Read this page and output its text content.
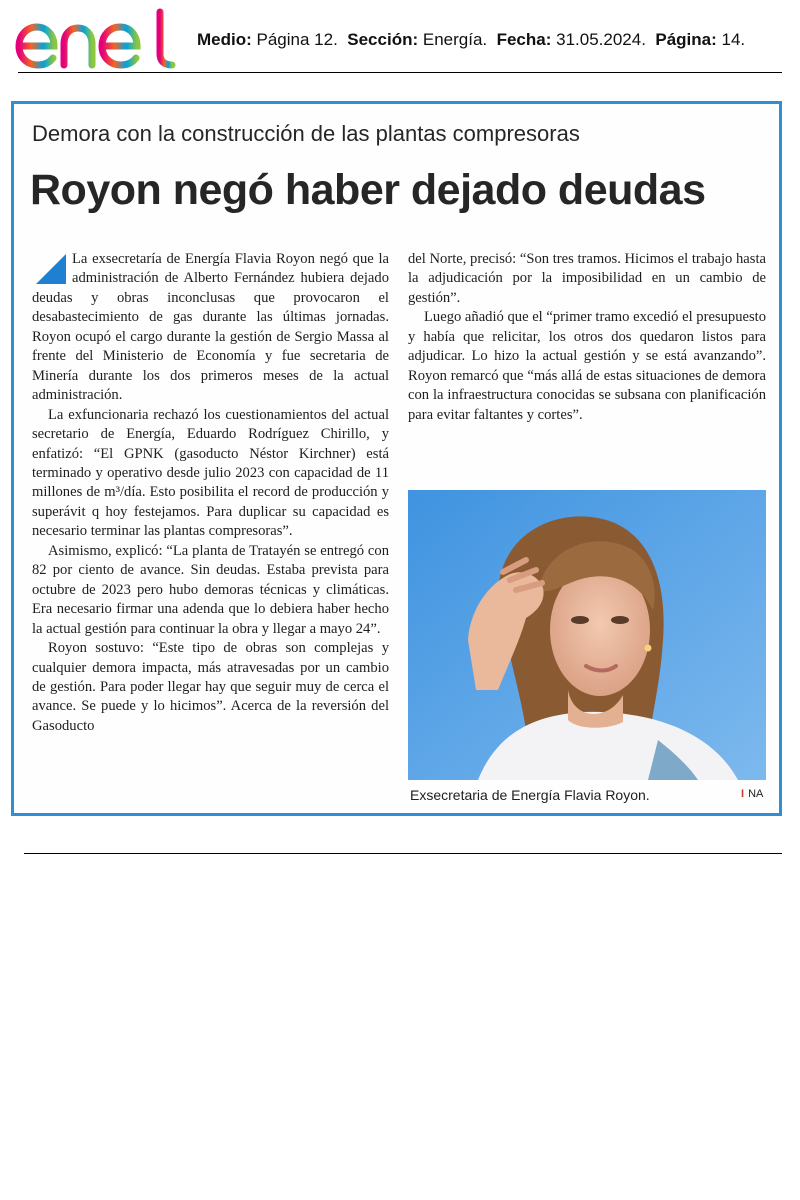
Medio: Página 12. Sección: Energía. Fecha: 31.05.2024. Página: 14.
Demora con la construcción de las plantas compresoras
Royon negó haber dejado deudas

La exsecretaría de Energía Flavia Royon negó que la administración de Alberto Fernández hubiera dejado deudas y obras inconclusas que provocaron el desabastecimiento de gas durante las últimas jornadas. Royon ocupó el cargo durante la gestión de Sergio Massa al frente del Ministerio de Economía y fue secretaria de Minería durante los dos primeros meses de la actual administración.

La exfuncionaria rechazó los cuestionamientos del actual secretario de Energía, Eduardo Rodríguez Chirillo, y enfatizó: “El GPNK (gasoducto Néstor Kirchner) está terminado y operativo desde julio 2023 con capacidad de 11 millones de m³/día. Esto posibilita el record de producción y superávit q hoy festejamos. Para duplicar su capacidad es necesario terminar las plantas compresoras”.

Asimismo, explicó: “La planta de Tratayén se entregó con 82 por ciento de avance. Sin deudas. Estaba prevista para octubre de 2023 pero hubo demoras técnicas y climáticas. Era necesario firmar una adenda que lo debiera haber hecho la actual gestión para continuar la obra y llegar a mayo 24”.

Royon sostuvo: “Este tipo de obras son complejas y cualquier demora impacta, más atravesadas por un cambio de gestión. Para poder llegar hay que seguir muy de cerca el avance. Se puede y lo hicimos”. Acerca de la reversión del Gasoducto

del Norte, precisó: “Son tres tramos. Hicimos el trabajo hasta la adjudicación por la imposibilidad en un cambio de gestión”.

Luego añadió que el “primer tramo excedió el presupuesto y había que relicitar, los otros dos quedaron listos para adjudicar. Lo hizo la actual gestión y se está avanzando”. Royon remarcó que “más allá de estas situaciones de demora con la infraestructura conocidas se subsana con planificación para evitar faltantes y cortes”.

Exsecretaria de Energía Flavia Royon.	I NA
